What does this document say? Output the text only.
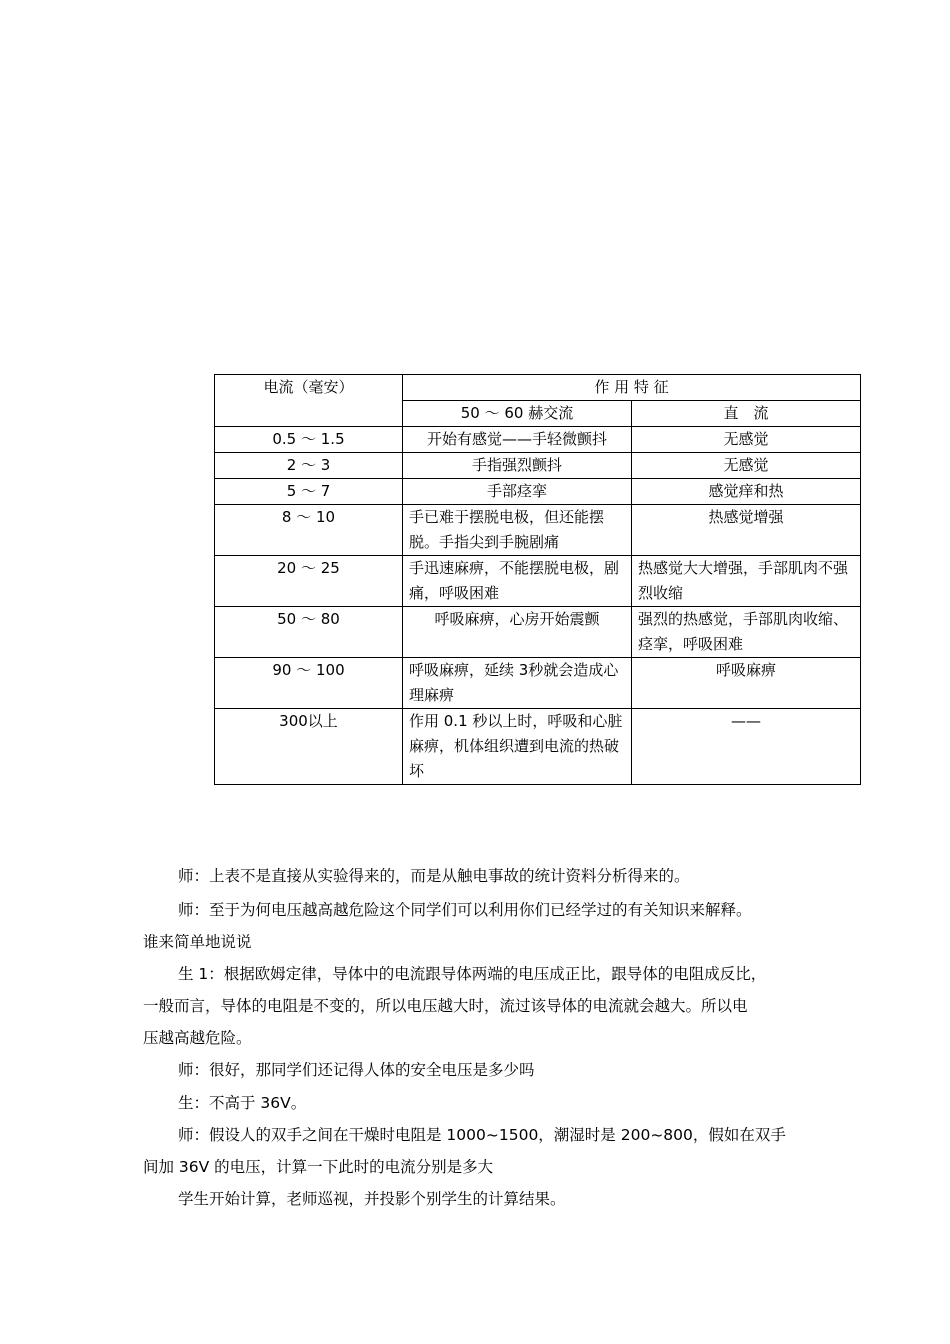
电流（毫安）	作 用 特 征	
	50 ～ 60 赫交流	直　流
0.5 ～ 1.5	开始有感觉——手轻微颤抖	无感觉
2 ～ 3	手指强烈颤抖	无感觉
5 ～ 7	手部痉挛	感觉痒和热
8 ～ 10	手已难于摆脱电极，但还能摆脱。手指尖到手腕剧痛	热感觉增强
20 ～ 25	手迅速麻痹，不能摆脱电极，剧痛，呼吸困难	热感觉大大增强，手部肌肉不强烈收缩
50 ～ 80	呼吸麻痹，心房开始震颤	强烈的热感觉，手部肌肉收缩、痉挛，呼吸困难
90 ～ 100	呼吸麻痹，延续 3秒就会造成心理麻痹	呼吸麻痹
300以上	作用 0.1 秒以上时，呼吸和心脏麻痹，机体组织遭到电流的热破坏	——

师：上表不是直接从实验得来的，而是从触电事故的统计资料分析得来的。

师：至于为何电压越高越危险这个同学们可以利用你们已经学过的有关知识来解释。

谁来简单地说说

生 1：根据欧姆定律，导体中的电流跟导体两端的电压成正比，跟导体的电阻成反比，

一般而言，导体的电阻是不变的，所以电压越大时，流过该导体的电流就会越大。所以电

压越高越危险。

师：很好，那同学们还记得人体的安全电压是多少吗

生：不高于 36V。

师：假设人的双手之间在干燥时电阻是 1000~1500，潮湿时是 200~800，假如在双手

间加 36V 的电压，计算一下此时的电流分别是多大

学生开始计算，老师巡视，并投影个别学生的计算结果。
